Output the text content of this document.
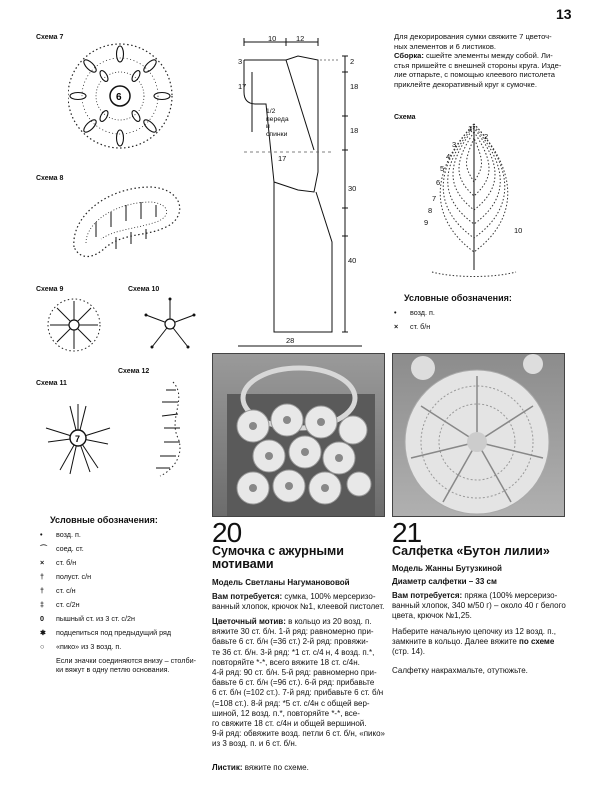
13
Схема 7
6
Схема 8
Схема 9	Схема 10
Схема 11
7
Схема 12
Условные обозначения:
• возд. п.
⌒ соед. ст.
× ст. б/н
† полуст. с/н
† ст. с/н
‡ ст. с/2н
0 пышный ст. из 3 ст. с/2н
✱ подцепиться под предыдущий ряд
○ «пико» из 3 возд. п.
Если значки соединяются внизу – столби-
ки вяжут в одну петлю основания.
10	12
3	2
17	18
18
17
30
40
28
1/2
переда
и
спинки
Для декорирования сумки свяжите 7 цветоч-
ных элементов и 6 листиков.
Сборка: сшейте элементы между собой. Ли-
стья пришейте с внешней стороны круга. Изде-
лие отпарьте, с помощью клеевого пистолета
приклейте декоративный круг к сумочке.
Схема
3
4
5
6
7
8
9
10
1
2
Условные обозначения:
• возд. п.
× ст. б/н
20
Сумочка с ажурными
мотивами
Модель Светланы Нагуманововой
Вам потребуется: сумка, 100% мерсеризо-
ванный хлопок, крючок №1, клеевой пистолет.
Цветочный мотив: в кольцо из 20 возд. п.
вяжите 30 ст. б/н. 1-й ряд: равномерно при-
бавьте 6 ст. б/н (=36 ст.) 2-й ряд: провяжи-
те 36 ст. б/н. 3-й ряд: *1 ст. с/4 н, 4 возд. п.*,
повторяйте *-*, всего вяжите 18 ст. с/4н.
4-й ряд: 90 ст. б/н. 5-й ряд: равномерно при-
бавьте 6 ст. б/н (=96 ст.). 6-й ряд: прибавьте
6 ст. б/н (=102 ст.). 7-й ряд: прибавьте 6 ст. б/н
(=108 ст.). 8-й ряд: *5 ст. с/4н с общей вер-
шиной, 12 возд. п.*, повторяйте *-*, все-
го свяжите 18 ст. с/4н и общей вершиной.
9-й ряд: обвяжите возд. петли 6 ст. б/н, «пико»
из 3 возд. п. и 6 ст. б/н.
Листик: вяжите по схеме.
21
Салфетка «Бутон лилии»
Модель Жанны Бутузкиной
Диаметр салфетки – 33 см
Вам потребуется: пряжа (100% мерсеризо-
ванный хлопок, 340 м/50 г) – около 40 г белого
цвета, крючок №1,25.
Наберите начальную цепочку из 12 возд. п.,
замкните в кольцо. Далее вяжите по схеме
(стр. 14).
Салфетку накрахмальте, отутюжьте.
